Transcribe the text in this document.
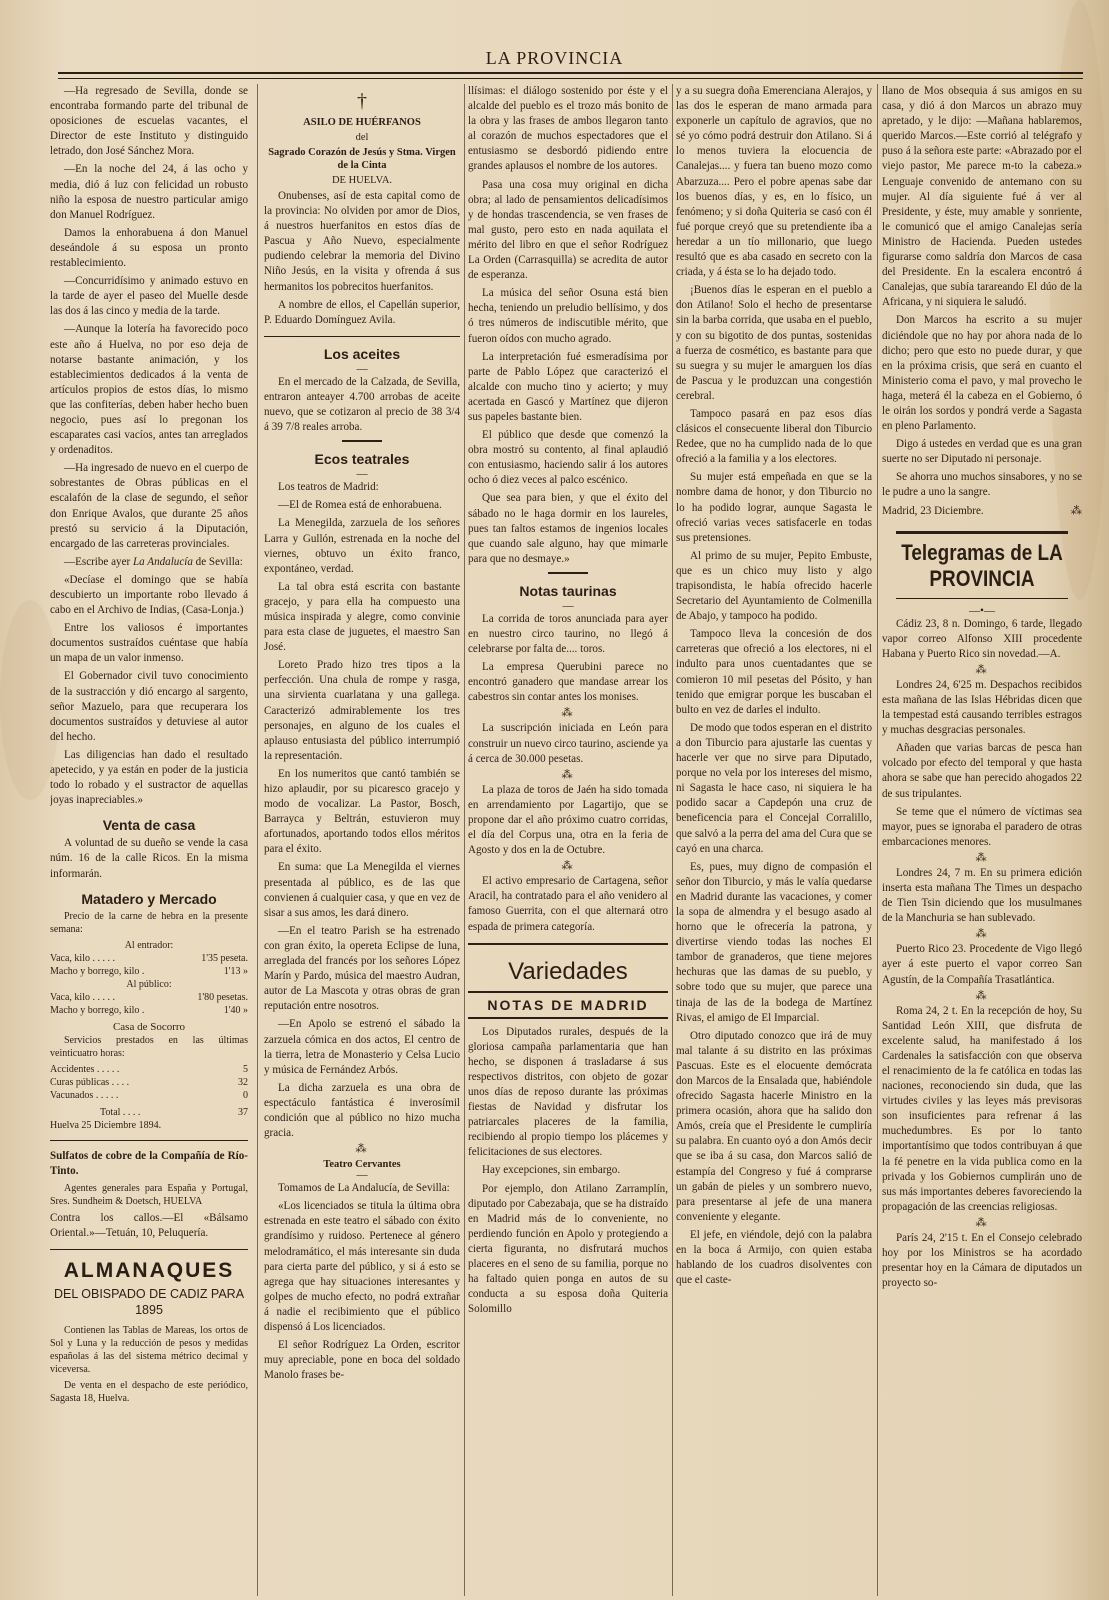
LA PROVINCIA

—Ha regresado de Sevilla, donde se encontraba formando parte del tribunal de oposiciones de escuelas vacantes, el Director de este Instituto y distinguido letrado, don José Sánchez Mora.

—En la noche del 24, á las ocho y media, dió á luz con felicidad un robusto niño la esposa de nuestro particular amigo don Manuel Rodríguez.

Damos la enhorabuena á don Manuel deseándole á su esposa un pronto restablecimiento.

—Concurridísimo y animado estuvo en la tarde de ayer el paseo del Muelle desde las dos á las cinco y media de la tarde.

—Aunque la lotería ha favorecido poco este año á Huelva, no por eso deja de notarse bastante animación, y los establecimientos dedicados á la venta de artículos propios de estos días, lo mismo que las confiterías, deben haber hecho buen negocio, pues así lo pregonan los escaparates casi vacíos, antes tan arreglados y ordenaditos.

—Ha ingresado de nuevo en el cuerpo de sobrestantes de Obras públicas en el escalafón de la clase de segundo, el señor don Enrique Avalos, que durante 25 años prestó su servicio á la Diputación, encargado de las carreteras provinciales.

—Escribe ayer La Andalucía de Sevilla:

«Decíase el domingo que se había descubierto un importante robo llevado á cabo en el Archivo de Indias, (Casa-Lonja.)

Entre los valiosos é importantes documentos sustraídos cuéntase que había un mapa de un valor inmenso.

El Gobernador civil tuvo conocimiento de la sustracción y dió encargo al sargento, señor Mazuelo, para que recuperara los documentos sustraídos y detuviese al autor del hecho.

Las diligencias han dado el resultado apetecido, y ya están en poder de la justicia todo lo robado y el sustractor de aquellas joyas inapreciables.»

Venta de casa

A voluntad de su dueño se vende la casa núm. 16 de la calle Ricos. En la misma informarán.

Matadero y Mercado

Precio de la carne de hebra en la presente semana:

Al entrador:
Vaca, kilo . . . . .	1'35 peseta.
Macho y borrego, kilo .	1'13 »
Al público:
Vaca, kilo . . . . .	1'80 pesetas.
Macho y borrego, kilo .	1'40 »
Casa de Socorro

Servicios prestados en las últimas veinticuatro horas:

Accidentes . . . . .	5
Curas públicas . . . .	32
Vacunados . . . . .	0
Total . . . .	37
Huelva 25 Diciembre 1894.

Sulfatos de cobre de la Compañía de Río-Tinto.

Agentes generales para España y Portugal, Sres. Sundheim & Doetsch, HUELVA

Contra los callos.—El «Bálsamo Oriental.»—Tetuán, 10, Peluquería.

ALMANAQUES
DEL OBISPADO DE CADIZ PARA 1895

Contienen las Tablas de Mareas, los ortos de Sol y Luna y la reducción de pesos y medidas españolas á las del sistema métrico decimal y viceversa.

De venta en el despacho de este periódico, Sagasta 18, Huelva.

†
ASILO DE HUÉRFANOS
del
Sagrado Corazón de Jesús y Stma. Virgen de la Cinta
DE HUELVA.

Onubenses, así de esta capital como de la provincia: No olviden por amor de Dios, á nuestros huerfanitos en estos días de Pascua y Año Nuevo, especialmente pudiendo celebrar la memoria del Divino Niño Jesús, en la visita y ofrenda á sus hermanitos los pobrecitos huerfanitos.

A nombre de ellos, el Capellán superior, P. Eduardo Domínguez Avila.

Los aceites
—

En el mercado de la Calzada, de Sevilla, entraron anteayer 4.700 arrobas de aceite nuevo, que se cotizaron al precio de 38 3/4 á 39 7/8 reales arroba.

Ecos teatrales
—

Los teatros de Madrid:

—El de Romea está de enhorabuena.

La Menegilda, zarzuela de los señores Larra y Gullón, estrenada en la noche del viernes, obtuvo un éxito franco, expontáneo, verdad.

La tal obra está escrita con bastante gracejo, y para ella ha compuesto una música inspirada y alegre, como convinie para esta clase de juguetes, el maestro San José.

Loreto Prado hizo tres tipos a la perfección. Una chula de rompe y rasga, una sirvienta cuarlatana y una gallega. Caracterizó admirablemente los tres personajes, en alguno de los cuales el aplauso entusiasta del público interrumpió la representación.

En los numeritos que cantó también se hizo aplaudir, por su picaresco gracejo y modo de vocalizar. La Pastor, Bosch, Barrayca y Beltrán, estuvieron muy afortunados, aportando todos ellos méritos para el éxito.

En suma: que La Menegilda el viernes presentada al público, es de las que convienen á cualquier casa, y que en vez de sisar a sus amos, les dará dinero.

—En el teatro Parish se ha estrenado con gran éxito, la opereta Eclipse de luna, arreglada del francés por los señores López Marín y Pardo, música del maestro Audran, autor de La Mascota y otras obras de gran reputación entre nosotros.

—En Apolo se estrenó el sábado la zarzuela cómica en dos actos, El centro de la tierra, letra de Monasterio y Celsa Lucio y música de Fernández Arbós.

La dicha zarzuela es una obra de espectáculo fantástica é inverosímil condición que al público no hizo mucha gracia.

⁂
Teatro Cervantes
—

Tomamos de La Andalucía, de Sevilla:

«Los licenciados se titula la última obra estrenada en este teatro el sábado con éxito grandísimo y ruidoso. Pertenece al género melodramático, el más interesante sin duda para cierta parte del público, y si á esto se agrega que hay situaciones interesantes y golpes de mucho efecto, no podrá extrañar á nadie el recibimiento que el público dispensó á Los licenciados.

El señor Rodríguez La Orden, escritor muy apreciable, pone en boca del soldado Manolo frases be-

llísimas: el diálogo sostenido por éste y el alcalde del pueblo es el trozo más bonito de la obra y las frases de ambos llegaron tanto al corazón de muchos espectadores que el entusiasmo se desbordó pidiendo entre grandes aplausos el nombre de los autores.

Pasa una cosa muy original en dicha obra; al lado de pensamientos delicadísimos y de hondas trascendencia, se ven frases de mal gusto, pero esto en nada aquilata el mérito del libro en que el señor Rodríguez La Orden (Carrasquilla) se acredita de autor de esperanza.

La música del señor Osuna está bien hecha, teniendo un preludio bellísimo, y dos ó tres números de indiscutible mérito, que fueron oídos con mucho agrado.

La interpretación fué esmeradísima por parte de Pablo López que caracterizó el alcalde con mucho tino y acierto; y muy acertada en Gascó y Martínez que dijeron sus papeles bastante bien.

El público que desde que comenzó la obra mostró su contento, al final aplaudió con entusiasmo, haciendo salir á los autores ocho ó diez veces al palco escénico.

Que sea para bien, y que el éxito del sábado no le haga dormir en los laureles, pues tan faltos estamos de ingenios locales que cuando sale alguno, hay que mimarle para que no desmaye.»

Notas taurinas
—

La corrida de toros anunciada para ayer en nuestro circo taurino, no llegó á celebrarse por falta de.... toros.

La empresa Querubini parece no encontró ganadero que mandase arrear los cabestros sin contar antes los monises.

⁂

La suscripción iniciada en León para construir un nuevo circo taurino, asciende ya á cerca de 30.000 pesetas.

⁂

La plaza de toros de Jaén ha sido tomada en arrendamiento por Lagartijo, que se propone dar el año próximo cuatro corridas, el día del Corpus una, otra en la feria de Agosto y dos en la de Octubre.

⁂

El activo empresario de Cartagena, señor Aracil, ha contratado para el año venidero al famoso Guerrita, con el que alternará otro espada de primera categoría.

Variedades
NOTAS DE MADRID

Los Diputados rurales, después de la gloriosa campaña parlamentaria que han hecho, se disponen á trasladarse á sus respectivos distritos, con objeto de gozar unos días de reposo durante las próximas fiestas de Navidad y disfrutar los patriarcales placeres de la familia, recibiendo al propio tiempo los plácemes y felicitaciones de sus electores.

Hay excepciones, sin embargo.

Por ejemplo, don Atilano Zarramplín, diputado por Cabezabaja, que se ha distraído en Madrid más de lo conveniente, no perdiendo función en Apolo y protegiendo a cierta figuranta, no disfrutará muchos placeres en el seno de su familia, porque no ha faltado quien ponga en autos de su conducta a su esposa doña Quiteria Solomillo

y a su suegra doña Emerenciana Alerajos, y las dos le esperan de mano armada para exponerle un capítulo de agravios, que no sé yo cómo podrá destruir don Atilano. Si á lo menos tuviera la elocuencia de Canalejas.... y fuera tan bueno mozo como Abarzuza.... Pero el pobre apenas sabe dar los buenos días, y es, en lo físico, un fenómeno; y si doña Quiteria se casó con él fué porque creyó que su pretendiente iba a heredar a un tío millonario, que luego resultó que es aba casado en secreto con la criada, y á ésta se lo ha dejado todo.

¡Buenos días le esperan en el pueblo a don Atilano! Solo el hecho de presentarse sin la barba corrida, que usaba en el pueblo, y con su bigotito de dos puntas, sostenidas a fuerza de cosmético, es bastante para que su suegra y su mujer le amarguen los días de Pascua y le produzcan una congestión cerebral.

Tampoco pasará en paz esos días clásicos el consecuente liberal don Tiburcio Redee, que no ha cumplido nada de lo que ofreció a la familia y a los electores.

Su mujer está empeñada en que se la nombre dama de honor, y don Tiburcio no lo ha podido lograr, aunque Sagasta le ofreció varias veces satisfacerle en todas sus pretensiones.

Al primo de su mujer, Pepito Embuste, que es un chico muy listo y algo trapisondista, le había ofrecido hacerle Secretario del Ayuntamiento de Colmenilla de Abajo, y tampoco ha podido.

Tampoco lleva la concesión de dos carreteras que ofreció a los electores, ni el indulto para unos cuentadantes que se comieron 10 mil pesetas del Pósito, y han tenido que emigrar porque les buscaban el bulto en vez de darles el indulto.

De modo que todos esperan en el distrito a don Tiburcio para ajustarle las cuentas y hacerle ver que no sirve para Diputado, porque no vela por los intereses del mismo, ni Sagasta le hace caso, ni siquiera le ha podido sacar a Capdepón una cruz de beneficencia para el Concejal Corralillo, que salvó a la perra del ama del Cura que se cayó en una charca.

Es, pues, muy digno de compasión el señor don Tiburcio, y más le valía quedarse en Madrid durante las vacaciones, y comer la sopa de almendra y el besugo asado al horno que le ofrecería la patrona, y divertirse viendo todas las noches El tambor de granaderos, que tiene mejores hechuras que las damas de su pueblo, y sobre todo que su mujer, que parece una tinaja de las de la bodega de Martínez Rivas, el amigo de El Imparcial.

Otro diputado conozco que irá de muy mal talante á su distrito en las próximas Pascuas. Este es el elocuente demócrata don Marcos de la Ensalada que, habiéndole ofrecido Sagasta hacerle Ministro en la primera ocasión, ahora que ha salido don Amós, creía que el Presidente le cumpliría su palabra. En cuanto oyó a don Amós decir que se iba á su casa, don Marcos salió de estampía del Congreso y fué á comprarse un gabán de pieles y un sombrero nuevo, para presentarse al jefe de una manera conveniente y elegante.

El jefe, en viéndole, dejó con la palabra en la boca á Armijo, con quien estaba hablando de los cuadros disolventes con que el caste-

llano de Mos obsequia á sus amigos en su casa, y dió á don Marcos un abrazo muy apretado, y le dijo: —Mañana hablaremos, querido Marcos.—Este corrió al telégrafo y puso á la señora este parte: «Abrazado por el viejo pastor, Me parece m-to la cabeza.» Lenguaje convenido de antemano con su mujer. Al día siguiente fué á ver al Presidente, y éste, muy amable y sonriente, le comunicó que el amigo Canalejas sería Ministro de Hacienda. Pueden ustedes figurarse como saldría don Marcos de casa del Presidente. En la escalera encontró á Canalejas, que subía tarareando El dúo de la Africana, y ni siquiera le saludó.

Don Marcos ha escrito a su mujer diciéndole que no hay por ahora nada de lo dicho; pero que esto no puede durar, y que en la próxima crisis, que será en cuanto el Ministerio coma el pavo, y mal provecho le haga, meterá él la cabeza en el Gobierno, ó le oirán los sordos y pondrá verde a Sagasta en pleno Parlamento.

Digo á ustedes en verdad que es una gran suerte no ser Diputado ni personaje.

Se ahorra uno muchos sinsabores, y no se le pudre a uno la sangre.

Madrid, 23 Diciembre.	⁂

Telegramas de LA PROVINCIA
—•—

Cádiz 23, 8 n. Domingo, 6 tarde, llegado vapor correo Alfonso XIII procedente Habana y Puerto Rico sin novedad.—A.

⁂

Londres 24, 6'25 m. Despachos recibidos esta mañana de las Islas Hébridas dicen que la tempestad está causando terribles estragos y muchas desgracias personales.

Añaden que varias barcas de pesca han volcado por efecto del temporal y que hasta ahora se sabe que han perecido ahogados 22 de sus tripulantes.

Se teme que el número de víctimas sea mayor, pues se ignoraba el paradero de otras embarcaciones menores.

⁂

Londres 24, 7 m. En su primera edición inserta esta mañana The Times un despacho de Tien Tsin diciendo que los musulmanes de la Manchuria se han sublevado.

⁂

Puerto Rico 23. Procedente de Vigo llegó ayer á este puerto el vapor correo San Agustín, de la Compañía Trasatlántica.

⁂

Roma 24, 2 t. En la recepción de hoy, Su Santidad León XIII, que disfruta de excelente salud, ha manifestado á los Cardenales la satisfacción con que observa el renacimiento de la fe católica en todas las naciones, reconociendo sin duda, que las virtudes civiles y las leyes más previsoras son insuficientes para refrenar á las muchedumbres. Es por lo tanto importantísimo que todos contribuyan á que la fé penetre en la vida publica como en la privada y los Gobiernos cumplirán uno de sus más importantes deberes favoreciendo la propagación de las creencias religiosas.

⁂

París 24, 2'15 t. En el Consejo celebrado hoy por los Ministros se ha acordado presentar hoy en la Cámara de diputados un proyecto so-
